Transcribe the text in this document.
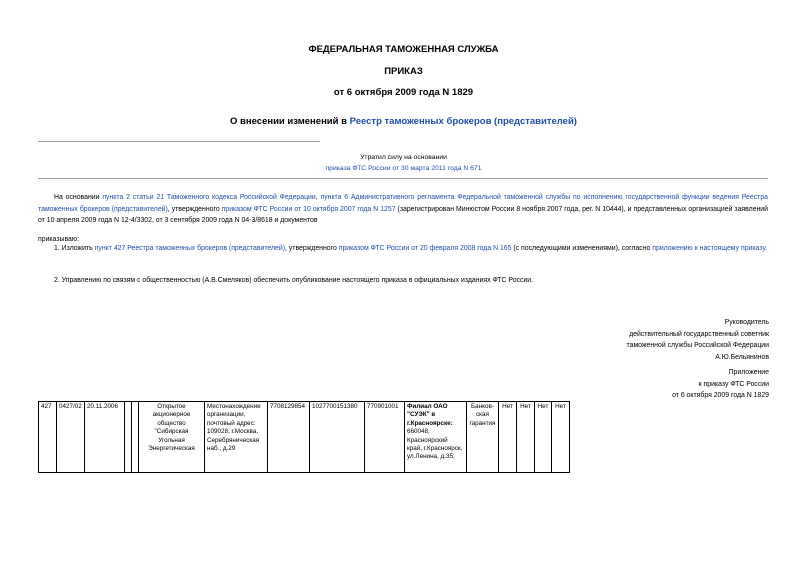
ФЕДЕРАЛЬНАЯ ТАМОЖЕННАЯ СЛУЖБА
ПРИКАЗ
от 6 октября 2009 года N 1829
О внесении изменений в Реестр таможенных брокеров (представителей)
Утратил силу на основании
приказа ФТС России от 30 марта 2011 года N 671
На основании пункта 2 статьи 21 Таможенного кодекса Российской Федерации, пункта 6 Административного регламента Федеральной таможенной службы по исполнению государственной функции ведения Реестра таможенных брокеров (представителей), утвержденного приказом ФТС России от 10 октября 2007 года N 1257 (зарегистрирован Минюстом России 8 ноября 2007 года, рег. N 10444), и представленных организацией заявлений от 10 апреля 2009 года N 12-4/3302, от 3 сентября 2009 года N 04-3/8618 и документов
приказываю:
1. Изложить пункт 427 Реестра таможенных брокеров (представителей), утвержденного приказом ФТС России от 20 февраля 2008 года N 165 (с последующими изменениями), согласно приложению к настоящему приказу.
2. Управлению по связям с общественностью (А.В.Смеляков) обеспечить опубликование настоящего приказа в официальных изданиях ФТС России.
Руководитель
действительный государственный советник
таможенной службы Российской Федерации
А.Ю.Бельянинов
Приложение
к приказу ФТС России
от 6 октября 2009 года N 1829
427	0427/02	20.11.2006			Открытое акционерное общество "Сибирская Угольная Энергетическая	Местонахождение организации, почтовый адрес: 109028, г.Москва, Серебряническая наб., д.29	7708129854	1027700151380	770901001	Филиал ОАО "СУЭК" в г.Красноярске: 660048, Красноярский край, г.Красноярск, ул.Ленина, д.35;	Банков-ская гарантия	Нет	Нет	Нет	Нет
